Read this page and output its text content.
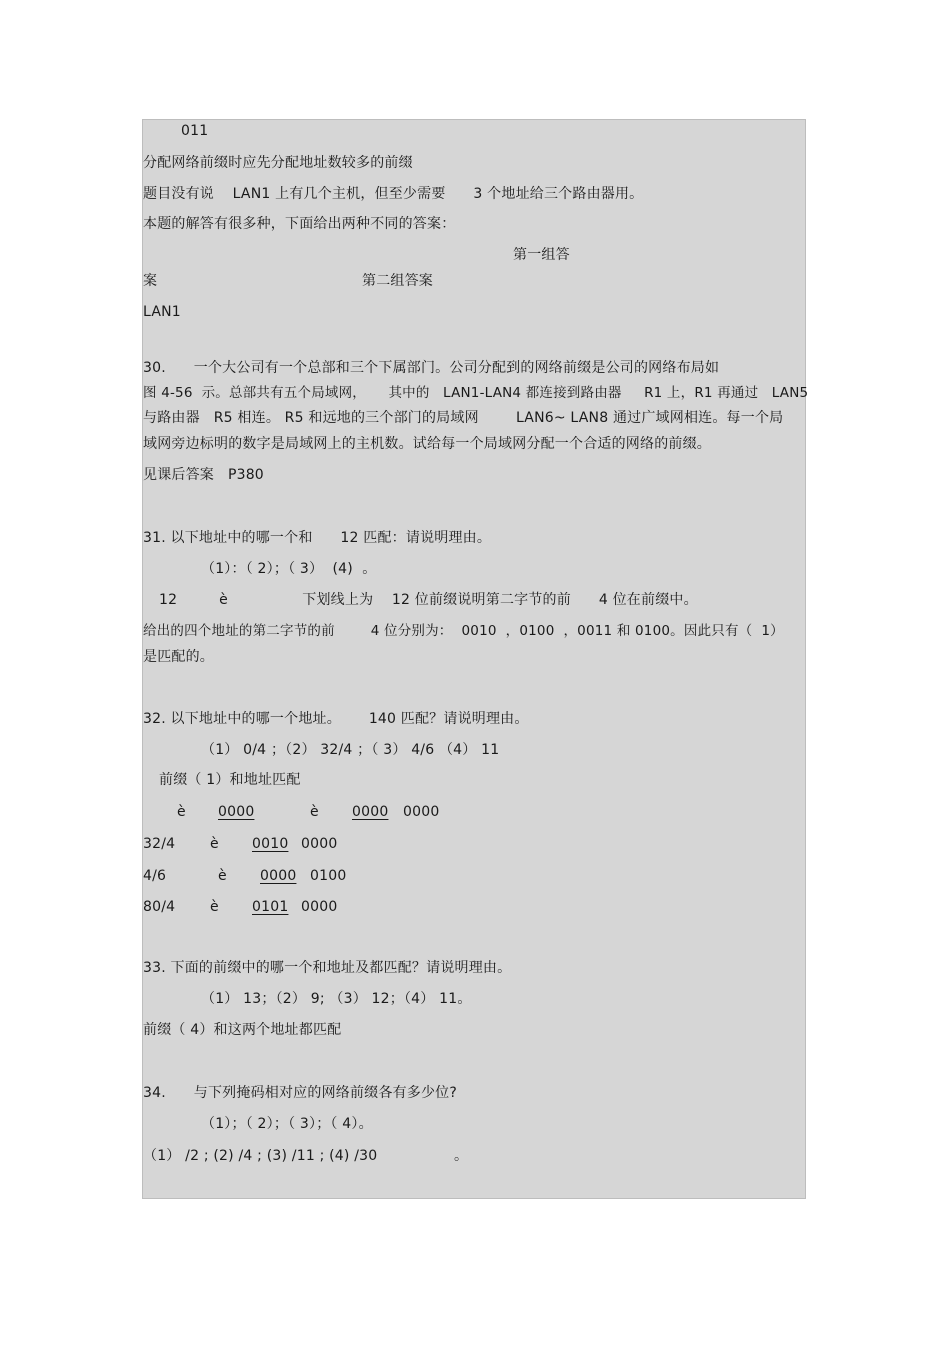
011
分配网络前缀时应先分配地址数较多的前缀
题目没有说    LAN1 上有几个主机，但至少需要      3 个地址给三个路由器用。
本题的解答有很多种，下面给出两种不同的答案：
第一组答
案	第二组答案
LAN1
30.      一个大公司有一个总部和三个下属部门。公司分配到的网络前缀是公司的网络布局如
图 4-56  示。总部共有五个局域网，     其中的   LAN1-LAN4 都连接到路由器     R1 上，R1 再通过   LAN5
与路由器   R5 相连。 R5 和远地的三个部门的局域网        LAN6~ LAN8 通过广域网相连。每一个局
域网旁边标明的数字是局域网上的主机数。试给每一个局域网分配一个合适的网络的前缀。
见课后答案   P380
31. 以下地址中的哪一个和      12 匹配：请说明理由。
（1）：（ 2）；（ 3）  (4)  。
12         è                下划线上为    12 位前缀说明第二字节的前      4 位在前缀中。
给出的四个地址的第二字节的前        4 位分别为：  0010  ，0100  ，0011 和 0100。因此只有（  1）
是匹配的。
32. 以下地址中的哪一个地址。      140 匹配？请说明理由。
（1） 0/4 ；（2） 32/4 ；（ 3） 4/6 （4） 11
前缀（ 1）和地址匹配
è 0000	è 0000 0000
32/4 è 0010 0000
4/6	è 0000 0100
80/4 è 0101 0000
33. 下面的前缀中的哪一个和地址及都匹配？请说明理由。
（1） 13；（2） 9; （3） 12；（4） 11。
前缀（ 4）和这两个地址都匹配
34.      与下列掩码相对应的网络前缀各有多少位?
（1）；（ 2）；（ 3）；（ 4）。
（1） /2 ; (2) /4 ; (3) /11 ; (4) /30	。
